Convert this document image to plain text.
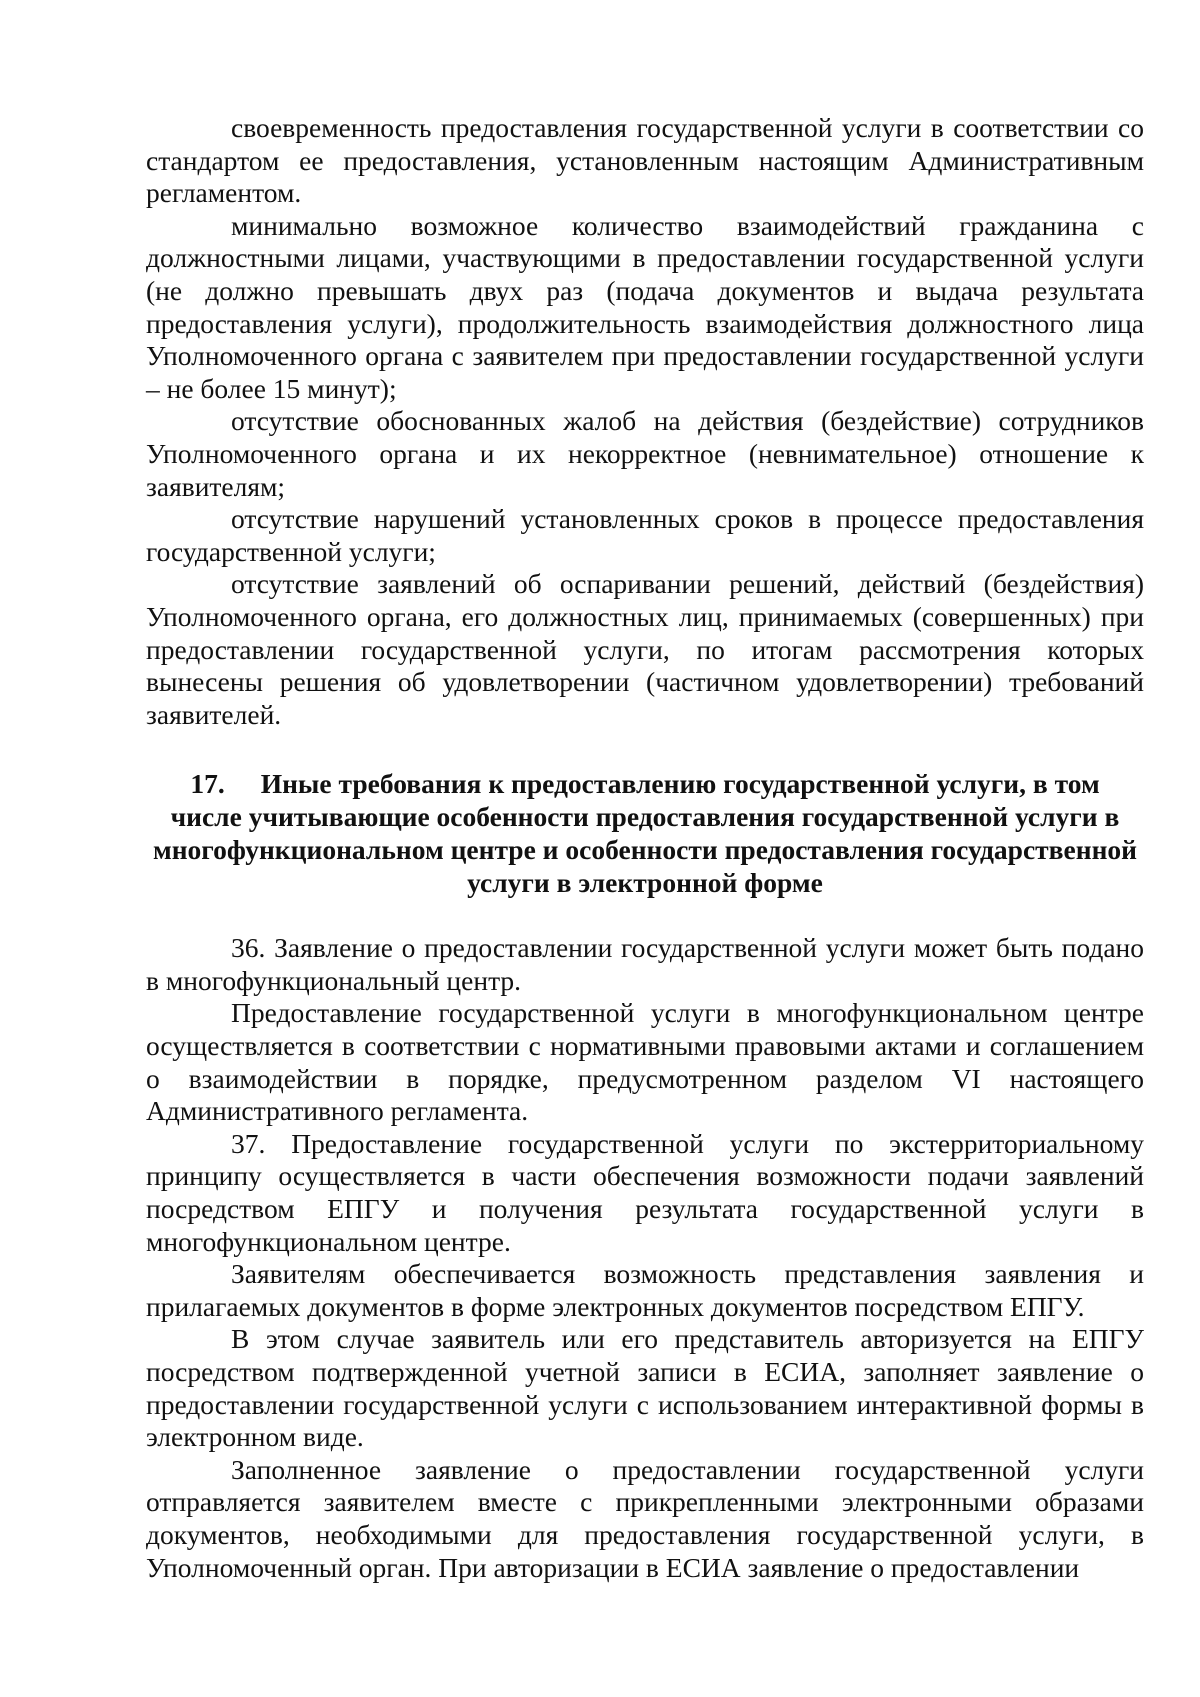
своевременность предоставления государственной услуги в соответствии со стандартом ее предоставления, установленным настоящим Административным регламентом.

минимально возможное количество взаимодействий гражданина с должностными лицами, участвующими в предоставлении государственной услуги (не должно превышать двух раз (подача документов и выдача результата предоставления услуги), продолжительность взаимодействия должностного лица Уполномоченного органа с заявителем при предоставлении государственной услуги – не более 15 минут);

отсутствие обоснованных жалоб на действия (бездействие) сотрудников Уполномоченного органа и их некорректное (невнимательное) отношение к заявителям;

отсутствие нарушений установленных сроков в процессе предоставления государственной услуги;

отсутствие заявлений об оспаривании решений, действий (бездействия) Уполномоченного органа, его должностных лиц, принимаемых (совершенных) при предоставлении государственной услуги, по итогам рассмотрения которых вынесены решения об удовлетворении (частичном удовлетворении) требований заявителей.

17. Иные требования к предоставлению государственной услуги, в том числе учитывающие особенности предоставления государственной услуги в многофункциональном центре и особенности предоставления государственной услуги в электронной форме

36. Заявление о предоставлении государственной услуги может быть подано в многофункциональный центр.

Предоставление государственной услуги в многофункциональном центре осуществляется в соответствии с нормативными правовыми актами и соглашением о взаимодействии в порядке, предусмотренном разделом VI настоящего Административного регламента.

37. Предоставление государственной услуги по экстерриториальному принципу осуществляется в части обеспечения возможности подачи заявлений посредством ЕПГУ и получения результата государственной услуги в многофункциональном центре.

Заявителям обеспечивается возможность представления заявления и прилагаемых документов в форме электронных документов посредством ЕПГУ.

В этом случае заявитель или его представитель авторизуется на ЕПГУ посредством подтвержденной учетной записи в ЕСИА, заполняет заявление о предоставлении государственной услуги с использованием интерактивной формы в электронном виде.

Заполненное заявление о предоставлении государственной услуги отправляется заявителем вместе с прикрепленными электронными образами документов, необходимыми для предоставления государственной услуги, в Уполномоченный орган. При авторизации в ЕСИА заявление о предоставлении
